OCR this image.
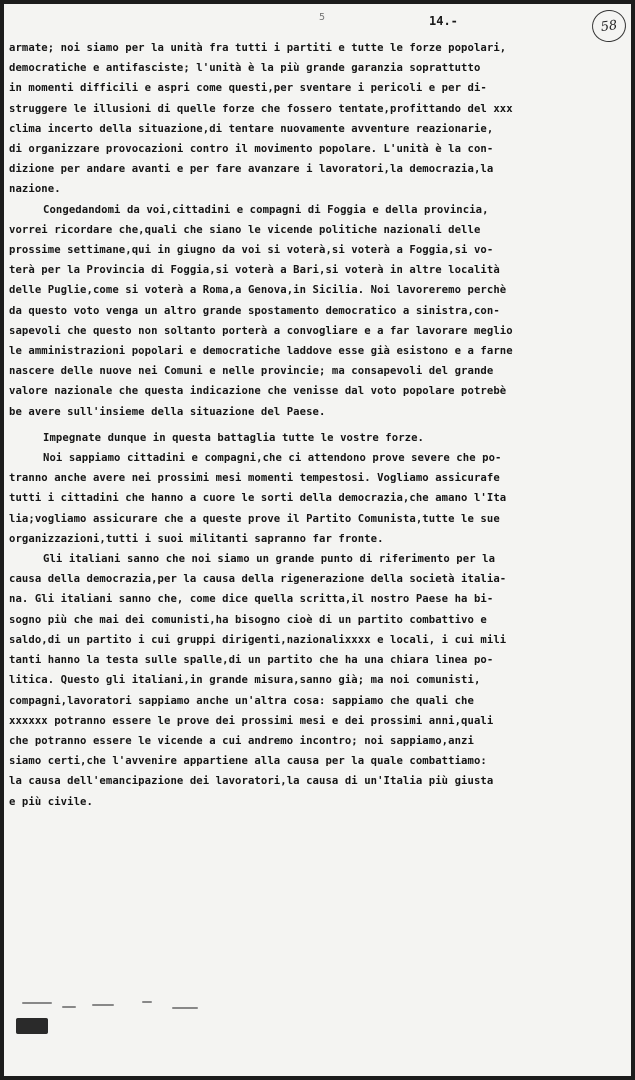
5	14.-	58
armate; noi siamo per la unità fra tutti i partiti e tutte le forze popolari,
democratiche e antifasciste; l'unità è la più grande garanzia soprattutto
in momenti difficili e aspri come questi,per sventare i pericoli e per di-
struggere le illusioni di quelle forze che fossero tentate,profittando del xxx
clima incerto della situazione,di tentare nuovamente avventure reazionarie,
di organizzare provocazioni contro il movimento popolare. L'unità è la con-
dizione per andare avanti e per fare avanzare i lavoratori,la democrazia,la
nazione.
Congedandomi da voi,cittadini e compagni di Foggia e della provincia,
vorrei ricordare che,quali che siano le vicende politiche nazionali delle
prossime settimane,qui in giugno da voi si voterà,si voterà a Foggia,si vo-
terà per la Provincia di Foggia,si voterà a Bari,si voterà in altre località
delle Puglie,come si voterà a Roma,a Genova,in Sicilia. Noi lavoreremo perchè
da questo voto venga un altro grande spostamento democratico a sinistra,con-
sapevoli che questo non soltanto porterà a convogliare e a far lavorare meglio
le amministrazioni popolari e democratiche laddove esse già esistono e a farne
nascere delle nuove nei Comuni e nelle provincie; ma consapevoli del grande
valore nazionale che questa indicazione che venisse dal voto popolare potrebè
be avere sull'insieme della situazione del Paese.
Impegnate dunque in questa battaglia tutte le vostre forze.
Noi sappiamo cittadini e compagni,che ci attendono prove severe che po-
tranno anche avere nei prossimi mesi momenti tempestosi. Vogliamo assicurafe
tutti i cittadini che hanno a cuore le sorti della democrazia,che amano l'Ita
lia;vogliamo assicurare che a queste prove il Partito Comunista,tutte le sue
organizzazioni,tutti i suoi militanti sapranno far fronte.
Gli italiani sanno che noi siamo un grande punto di riferimento per la
causa della democrazia,per la causa della rigenerazione della società italia-
na. Gli italiani sanno che, come dice quella scritta,il nostro Paese ha bi-
sogno più che mai dei comunisti,ha bisogno cioè di un partito combattivo e
saldo,di un partito i cui gruppi dirigenti,nazionalixxxx e locali, i cui mili
tanti hanno la testa sulle spalle,di un partito che ha una chiara linea po-
litica. Questo gli italiani,in grande misura,sanno già; ma noi comunisti,
compagni,lavoratori sappiamo anche un'altra cosa: sappiamo che quali che
xxxxxx potranno essere le prove dei prossimi mesi e dei prossimi anni,quali
che potranno essere le vicende a cui andremo incontro; noi sappiamo,anzi
siamo certi,che l'avvenire appartiene alla causa per la quale combattiamo:
la causa dell'emancipazione dei lavoratori,la causa di un'Italia più giusta
e più civile.
